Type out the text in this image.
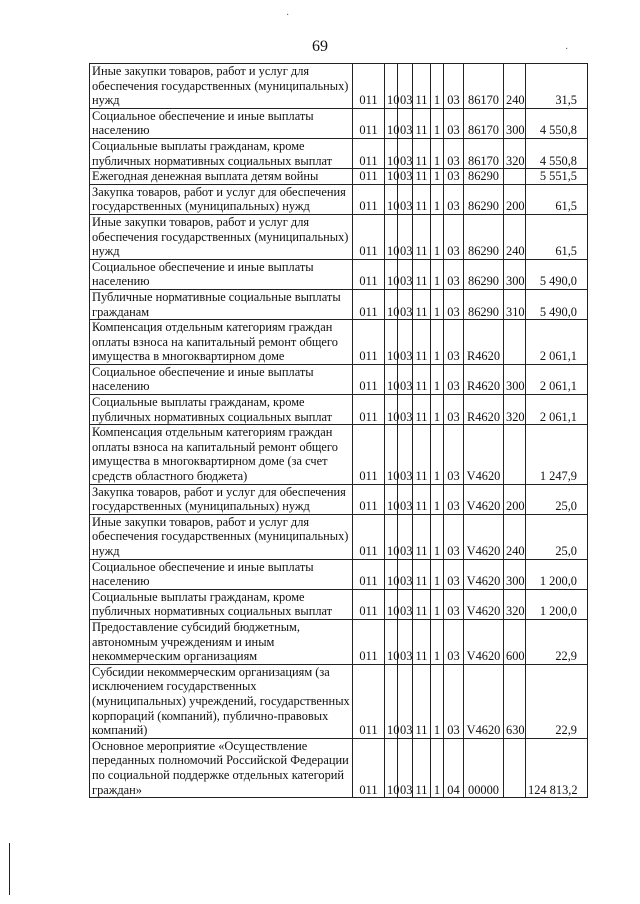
69
·
·
Иные закупки товаров, работ и услуг для обеспечения государственных (муниципальных) нужд	011	10	03	11	1	03	86170	240	31,5
Социальное обеспечение и иные выплаты населению	011	10	03	11	1	03	86170	300	4 550,8
Социальные выплаты гражданам, кроме публичных нормативных социальных выплат	011	10	03	11	1	03	86170	320	4 550,8
Ежегодная денежная выплата детям войны	011	10	03	11	1	03	86290		5 551,5
Закупка товаров, работ и услуг для обеспечения государственных (муниципальных) нужд	011	10	03	11	1	03	86290	200	61,5
Иные закупки товаров, работ и услуг для обеспечения государственных (муниципальных) нужд	011	10	03	11	1	03	86290	240	61,5
Социальное обеспечение и иные выплаты населению	011	10	03	11	1	03	86290	300	5 490,0
Публичные нормативные социальные выплаты гражданам	011	10	03	11	1	03	86290	310	5 490,0
Компенсация отдельным категориям граждан оплаты взноса на капитальный ремонт общего имущества в многоквартирном доме	011	10	03	11	1	03	R4620		2 061,1
Социальное обеспечение и иные выплаты населению	011	10	03	11	1	03	R4620	300	2 061,1
Социальные выплаты гражданам, кроме публичных нормативных социальных выплат	011	10	03	11	1	03	R4620	320	2 061,1
Компенсация отдельным категориям граждан оплаты взноса на капитальный ремонт общего имущества в многоквартирном доме (за счет средств областного бюджета)	011	10	03	11	1	03	V4620		1 247,9
Закупка товаров, работ и услуг для обеспечения государственных (муниципальных) нужд	011	10	03	11	1	03	V4620	200	25,0
Иные закупки товаров, работ и услуг для обеспечения государственных (муниципальных) нужд	011	10	03	11	1	03	V4620	240	25,0
Социальное обеспечение и иные выплаты населению	011	10	03	11	1	03	V4620	300	1 200,0
Социальные выплаты гражданам, кроме публичных нормативных социальных выплат	011	10	03	11	1	03	V4620	320	1 200,0
Предоставление субсидий бюджетным, автономным учреждениям и иным некоммерческим организациям	011	10	03	11	1	03	V4620	600	22,9
Субсидии некоммерческим организациям (за исключением государственных (муниципальных) учреждений, государственных корпораций (компаний), публично-правовых компаний)	011	10	03	11	1	03	V4620	630	22,9
Основное мероприятие «Осуществление переданных полномочий Российской Федерации по социальной поддержке отдельных категорий граждан»	011	10	03	11	1	04	00000		124 813,2
